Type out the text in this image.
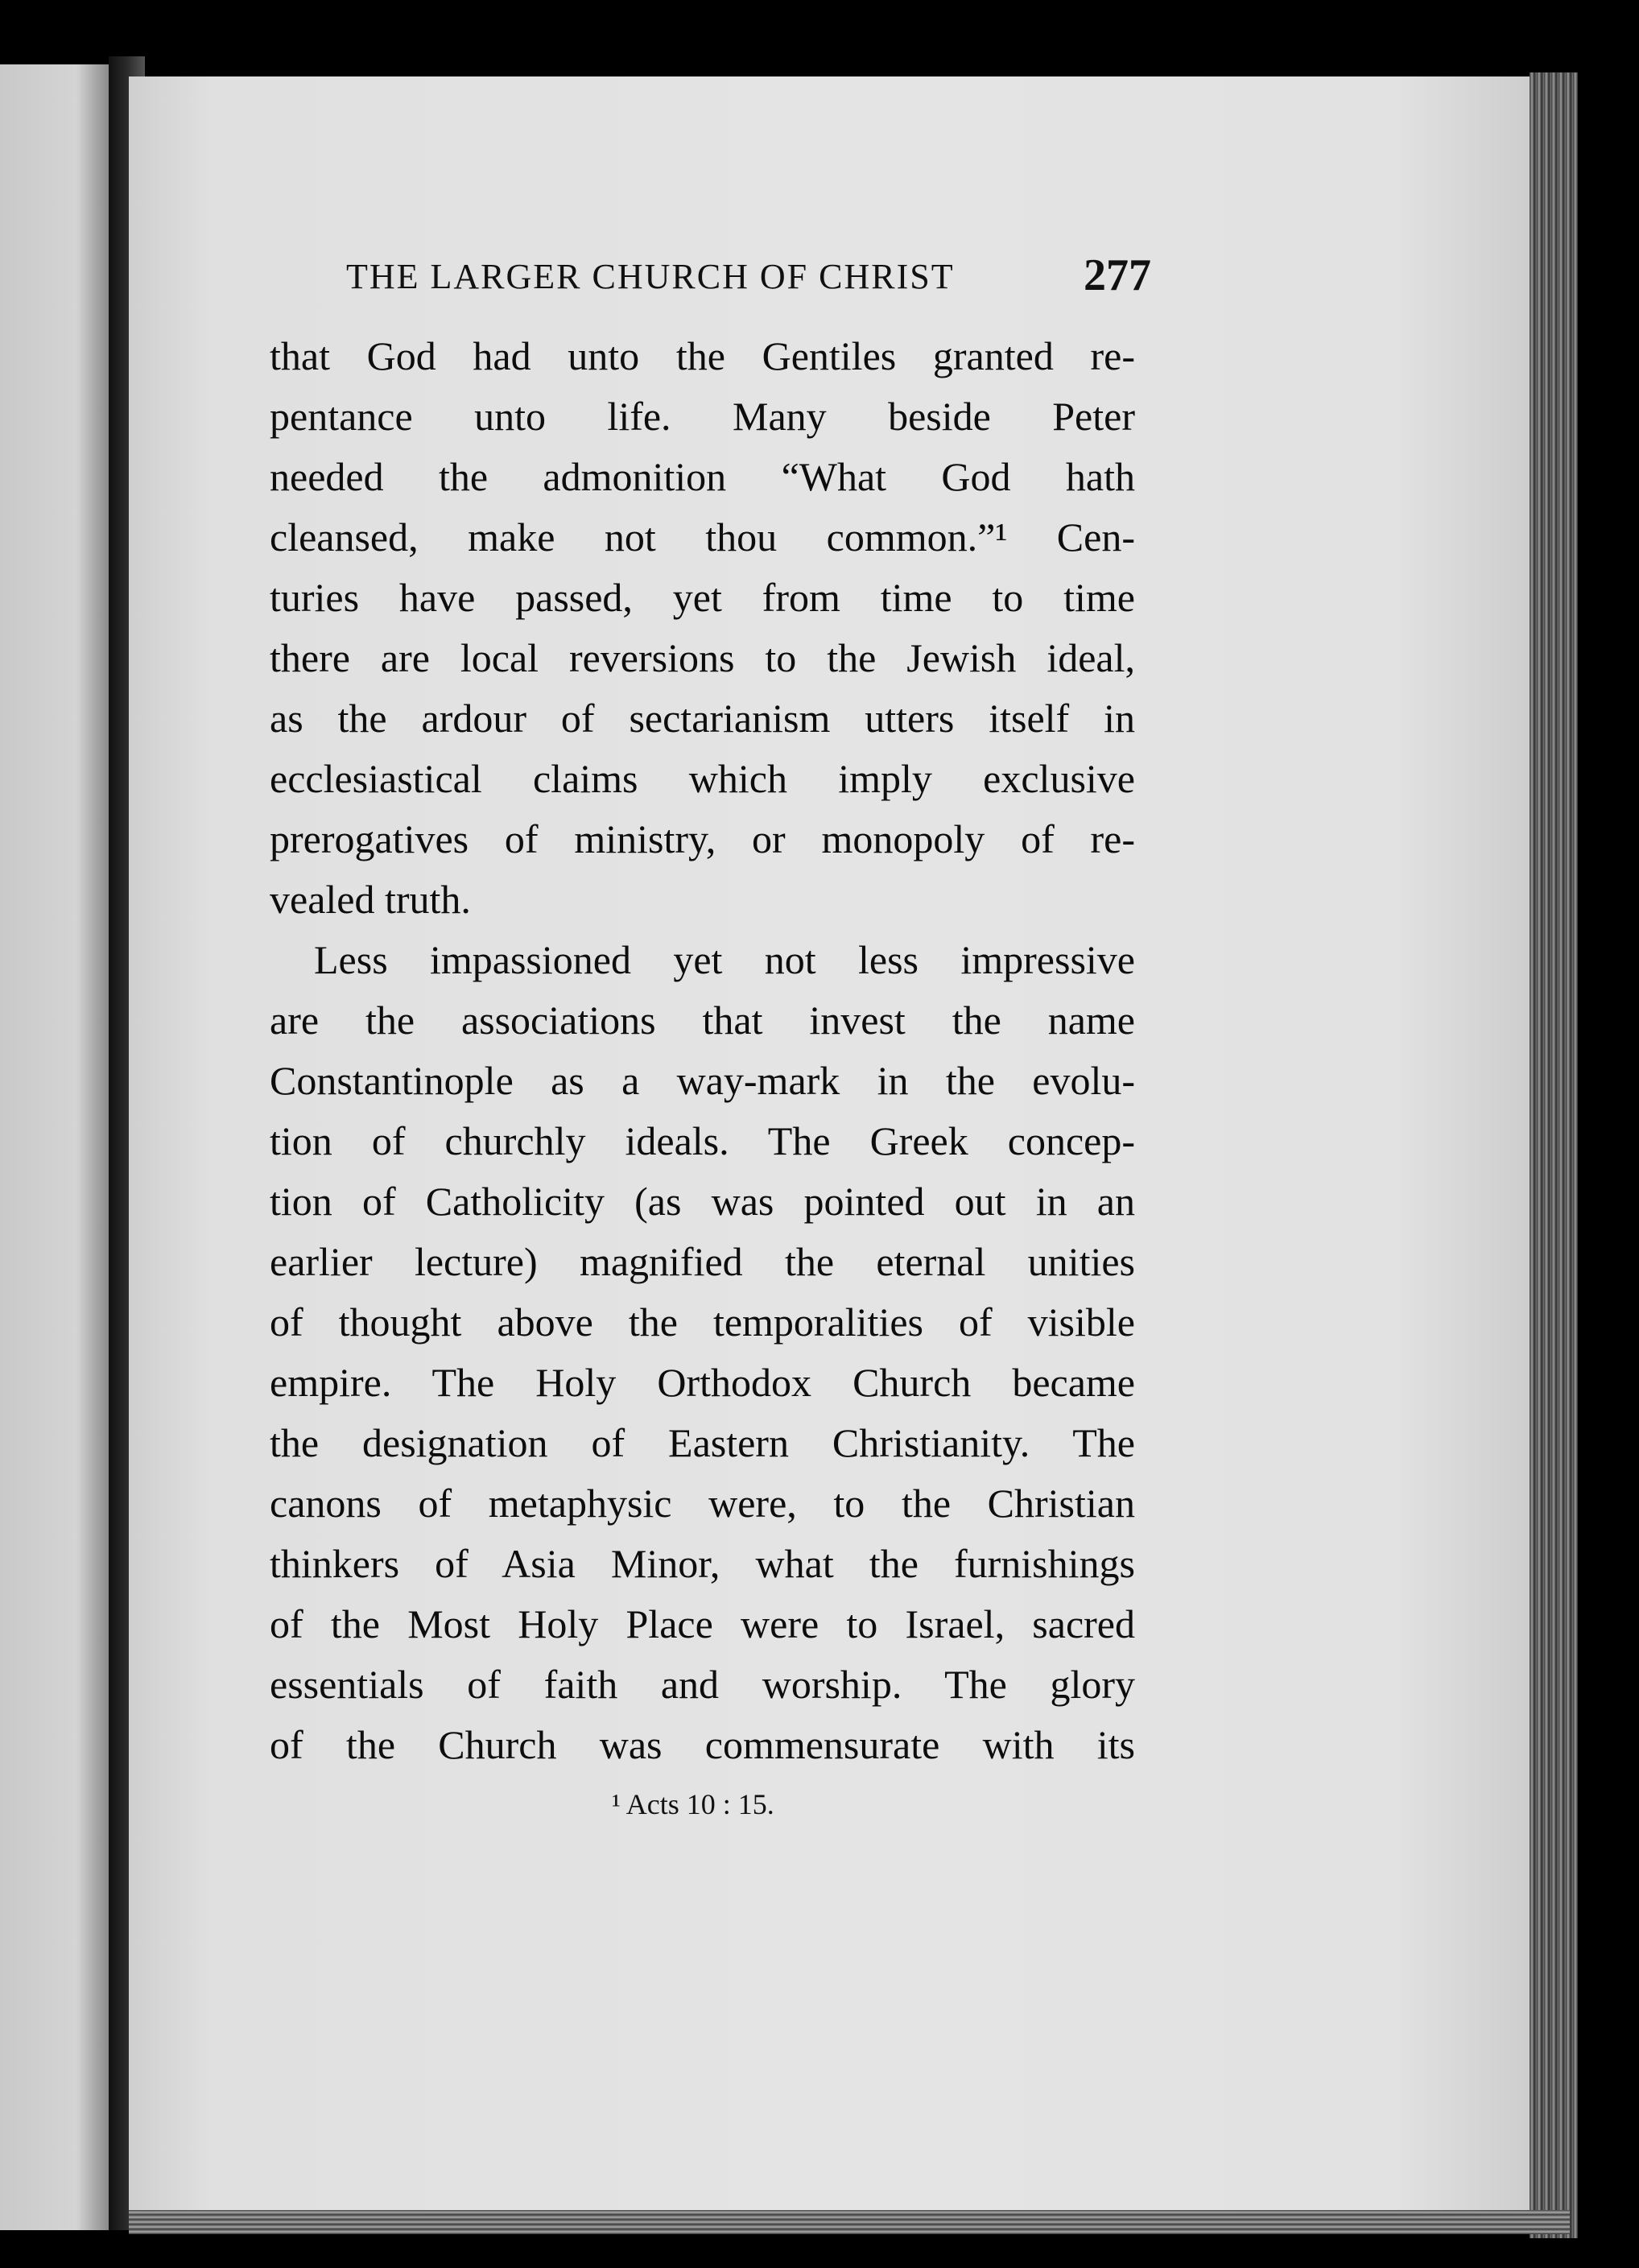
THE LARGER CHURCH OF CHRIST	277
that God had unto the Gentiles granted re-
pentance unto life. Many beside Peter
needed the admonition “What God hath
cleansed, make not thou common.”¹ Cen-
turies have passed, yet from time to time
there are local reversions to the Jewish ideal,
as the ardour of sectarianism utters itself in
ecclesiastical claims which imply exclusive
prerogatives of ministry, or monopoly of re-
vealed truth.
Less impassioned yet not less impressive
are the associations that invest the name
Constantinople as a way-mark in the evolu-
tion of churchly ideals. The Greek concep-
tion of Catholicity (as was pointed out in an
earlier lecture) magnified the eternal unities
of thought above the temporalities of visible
empire. The Holy Orthodox Church became
the designation of Eastern Christianity. The
canons of metaphysic were, to the Christian
thinkers of Asia Minor, what the furnishings
of the Most Holy Place were to Israel, sacred
essentials of faith and worship. The glory
of the Church was commensurate with its
¹ Acts 10 : 15.
